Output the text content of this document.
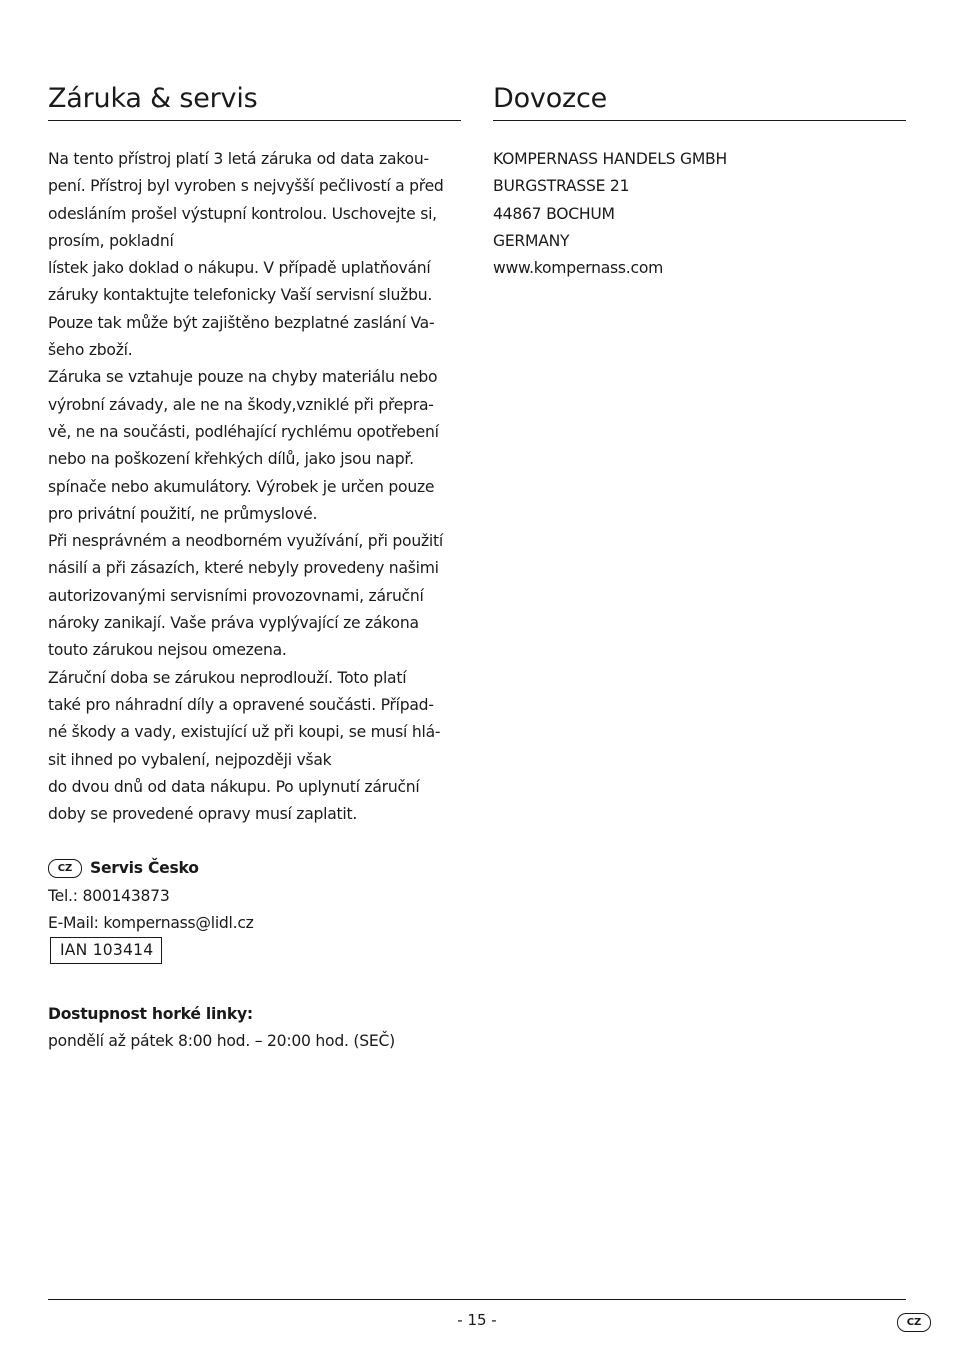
Záruka & servis
Na tento přístroj platí 3 letá záruka od data zakou-
pení. Přístroj byl vyroben s nejvyšší pečlivostí a před
odesláním prošel výstupní kontrolou. Uschovejte si,
prosím, pokladní
lístek jako doklad o nákupu. V případě uplatňování
záruky kontaktujte telefonicky Vaší servisní službu.
Pouze tak může být zajištěno bezplatné zaslání Va-
šeho zboží.
Záruka se vztahuje pouze na chyby materiálu nebo
výrobní závady, ale ne na škody,vzniklé při přepra-
vě, ne na součásti, podléhající rychlému opotřebení
nebo na poškození křehkých dílů, jako jsou např.
spínače nebo akumulátory. Výrobek je určen pouze
pro privátní použití, ne průmyslové.
Při nesprávném a neodborném využívání, při použití
násilí a při zásazích, které nebyly provedeny našimi
autorizovanými servisními provozovnami, záruční
nároky zanikají. Vaše práva vyplývající ze zákona
touto zárukou nejsou omezena.
Záruční doba se zárukou neprodlouží. Toto platí
také pro náhradní díly a opravené součásti. Případ-
né škody a vady, existující už při koupi, se musí hlá-
sit ihned po vybalení, nejpozději však
do dvou dnů od data nákupu. Po uplynutí záruční
doby se provedené opravy musí zaplatit.
CZ Servis Česko
Tel.: 800143873
E-Mail: kompernass@lidl.cz
IAN 103414
Dostupnost horké linky:
pondělí až pátek 8:00 hod. – 20:00 hod. (SEČ)
Dovozce
KOMPERNASS HANDELS GMBH
BURGSTRASSE 21
44867 BOCHUM
GERMANY
www.kompernass.com
- 15 -	CZ
